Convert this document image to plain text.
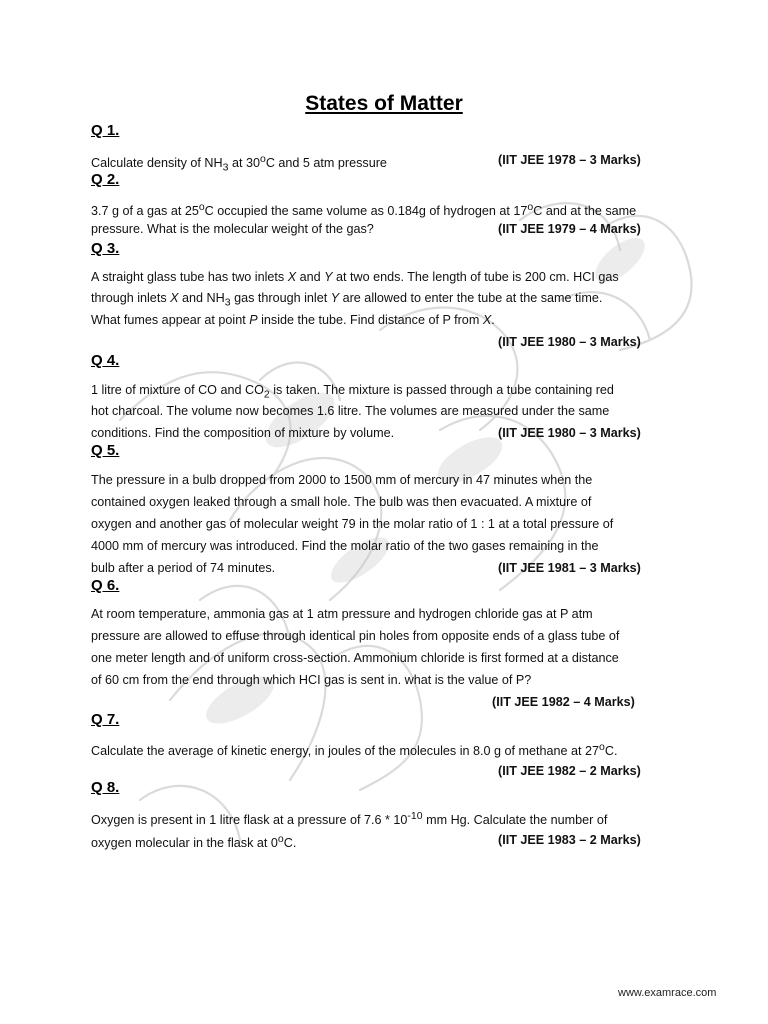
States of Matter
Q 1.
Calculate density of $NH_3$ at 30$^o$C and 5 atm pressure	(IIT JEE 1978 – 3 Marks)
Q 2.
3.7 g of a gas at 25$^o$C occupied the same volume as 0.184g of hydrogen at 17$^o$C and at the same
pressure. What is the molecular weight of the gas?	(IIT JEE 1979 – 4 Marks)
Q 3.
A straight glass tube has two inlets X and Y at two ends. The length of tube is 200 cm. HCI gas
through inlets X and $NH_3$ gas through inlet Y are allowed to enter the tube at the same time.
What fumes appear at point P inside the tube. Find distance of P from X.
(IIT JEE 1980 – 3 Marks)
Q 4.
1 litre of mixture of CO and $CO_2$ is taken. The mixture is passed through a tube containing red
hot charcoal. The volume now becomes 1.6 litre. The volumes are measured under the same
conditions. Find the composition of mixture by volume.	(IIT JEE 1980 – 3 Marks)
Q 5.
The pressure in a bulb dropped from 2000 to 1500 mm of mercury in 47 minutes when the
contained oxygen leaked through a small hole. The bulb was then evacuated. A mixture of
oxygen and another gas of molecular weight 79 in the molar ratio of 1 : 1 at a total pressure of
4000 mm of mercury was introduced. Find the molar ratio of the two gases remaining in the
bulb after a period of 74 minutes.	(IIT JEE 1981 – 3 Marks)
Q 6.
At room temperature, ammonia gas at 1 atm pressure and hydrogen chloride gas at P atm
pressure are allowed to effuse through identical pin holes from opposite ends of a glass tube of
one meter length and of uniform cross-section. Ammonium chloride is first formed at a distance
of 60 cm from the end through which HCI gas is sent in. what is the value of P?
(IIT JEE 1982 – 4 Marks)
Q 7.
Calculate the average of kinetic energy, in joules of the molecules in 8.0 g of methane at 27$^o$C.
(IIT JEE 1982 – 2 Marks)
Q 8.
Oxygen is present in 1 litre flask at a pressure of $7.6 * 10^{-10}$ mm Hg. Calculate the number of
oxygen molecular in the flask at 0$^o$C.	(IIT JEE 1983 – 2 Marks)
www.examrace.com
